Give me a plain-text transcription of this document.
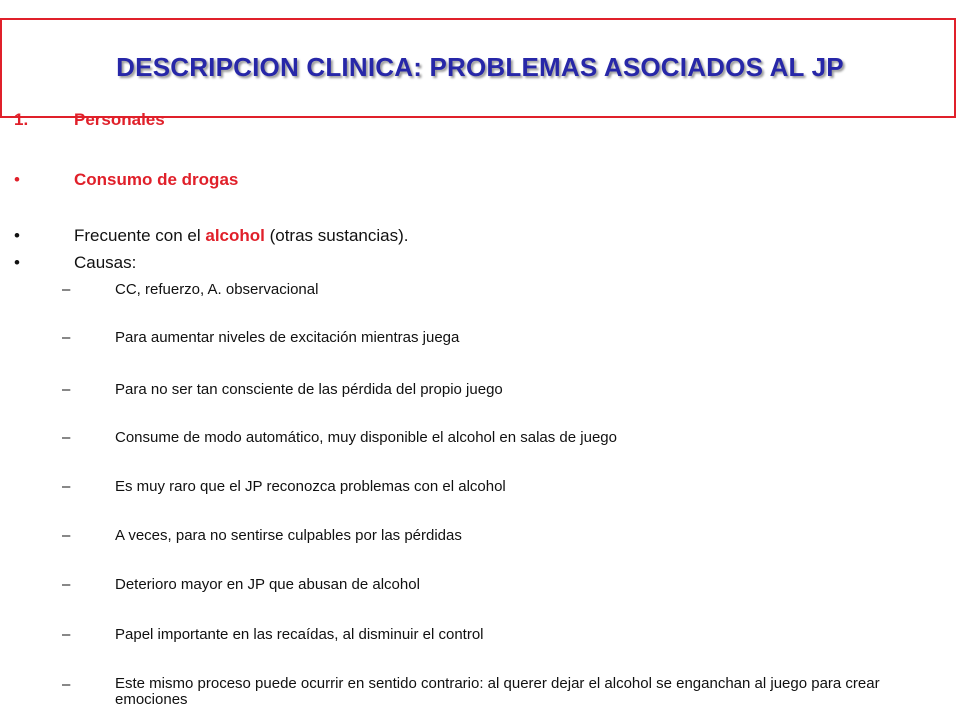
DESCRIPCION CLINICA: PROBLEMAS ASOCIADOS AL JP
1.	Personales
•	Consumo de drogas
•	Frecuente con el alcohol (otras sustancias).
•	Causas:
–	CC, refuerzo, A. observacional
–	Para aumentar niveles de excitación mientras juega
–	Para no ser tan consciente de las pérdida del propio juego
–	Consume de modo automático, muy disponible el alcohol en salas de juego
–	Es muy raro que el JP reconozca problemas con el alcohol
–	A veces, para no sentirse culpables por las pérdidas
–	Deterioro mayor en JP que abusan de alcohol
–	Papel importante en las recaídas, al disminuir el control
–	Este mismo proceso puede ocurrir en sentido contrario: al querer dejar el alcohol se enganchan al juego para crear emociones
